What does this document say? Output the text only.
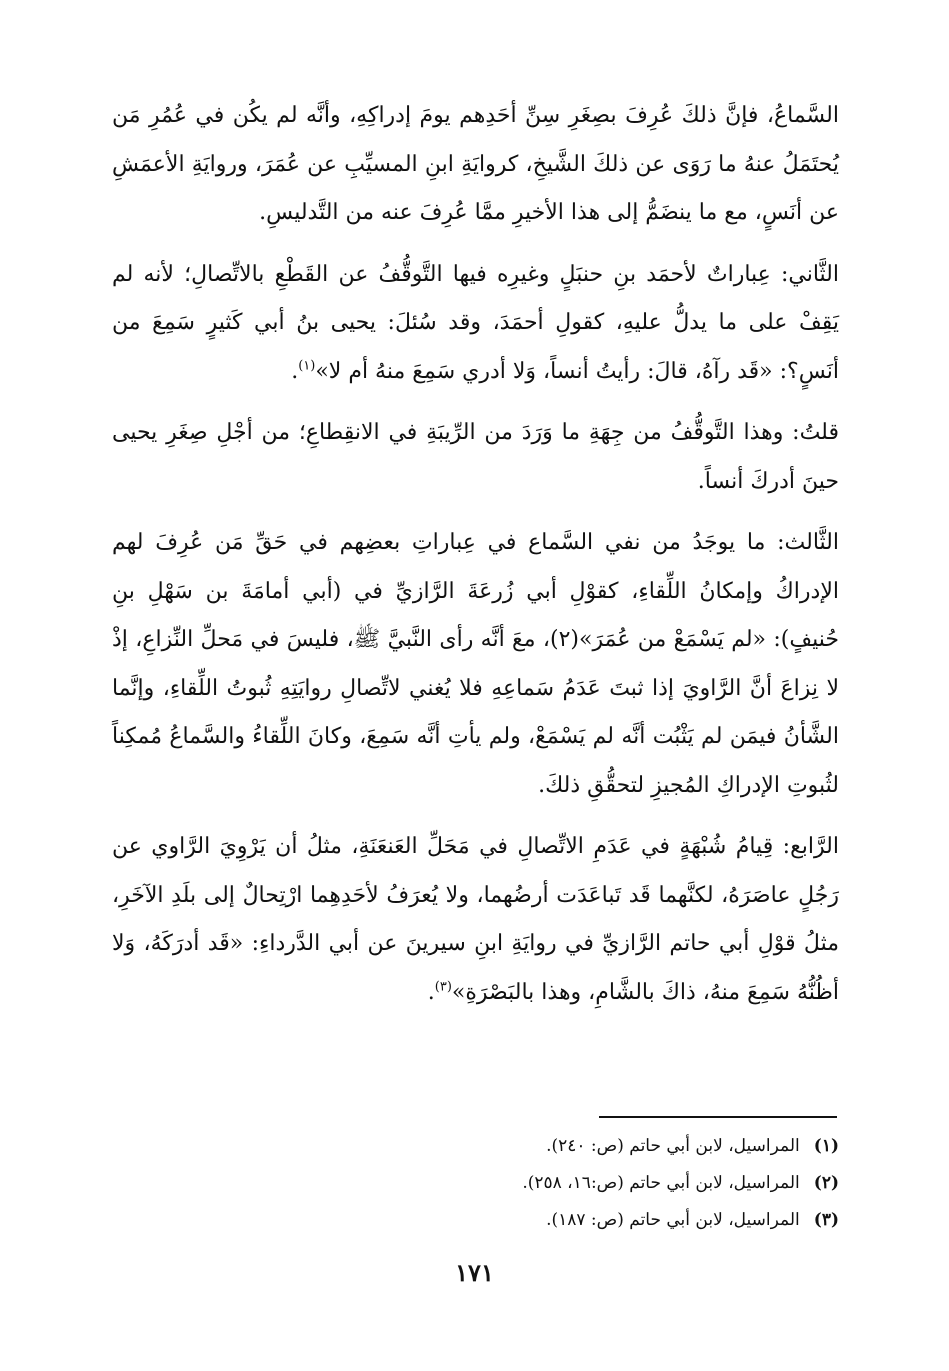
السَّماعُ، فإنَّ ذلكَ عُرِفَ بصِغَرِ سِنِّ أحَدِهم يومَ إدراكِهِ، وأنَّه لم يكُن في عُمُرِ مَن يُحتَمَلُ عنهُ ما رَوَى عن ذلكَ الشَّيخِ، كروايَةِ ابنِ المسيِّبِ عن عُمَرَ، وروايَةِ الأعمَشِ عن أنَسٍ، مع ما ينضَمُّ إلى هذا الأخيرِ ممَّا عُرِفَ عنه من التَّدليسِ.

الثَّاني: عِباراتٌ لأحمَد بنِ حنبَلٍ وغيرِه فيها التَّوقُّفُ عن القَطْعِ بالاتِّصالِ؛ لأنه لم يَقِفْ على ما يدلُّ عليهِ، كقولِ أحمَدَ، وقد سُئلَ: يحيى بنُ أبي كَثيرٍ سَمِعَ من أنَسٍ؟: «قَد رآهُ، قالَ: رأيتُ أنساً، وَلا أدري سَمِعَ منهُ أم لا»$^{(١)}$.

قلتُ: وهذا التَّوقُّفُ من جِهَةِ ما وَرَدَ من الرِّيبَةِ في الانقِطاعِ؛ من أجْلِ صِغَرِ يحيى حينَ أدركَ أنساً.

الثَّالث: ما يوجَدُ من نفي السَّماع في عِباراتِ بعضِهم في حَقِّ مَن عُرِفَ لهم الإدراكُ وإمكانُ اللِّقاءِ، كقوْلِ أبي زُرعَةَ الرَّازيِّ في (أبي أمامَةَ بن سَهْلِ بنِ حُنيفٍ): «لم يَسْمَعْ من عُمَرَ»(٢)، معَ أنَّه رأى النَّبيَّ ﷺ، فليسَ في مَحلِّ النِّزاعِ، إذْ لا نِزاعَ أنَّ الرَّاويَ إذا ثبتَ عَدَمُ سَماعِهِ فلا يُغني لاتِّصالِ روايَتِهِ ثُبوتُ اللِّقاءِ، وإنَّما الشَّأنُ فيمَن لم يَثْبُت أنَّه لم يَسْمَعْ، ولم يأتِ أنَّه سَمِعَ، وكانَ اللِّقاءُ والسَّماعُ مُمكِناً لثُبوتِ الإدراكِ المُجيزِ لتحقُّقِ ذلكَ.

الرَّابع: قِيامُ شُبْهَةٍ في عَدَمِ الاتِّصالِ في مَحَلِّ العَنعَنَةِ، مثلُ أن يَرْوِيَ الرَّاوي عن رَجُلٍ عاصَرَهُ، لكنَّهما قَد تَباعَدَت أرضُهما، ولا يُعرَفُ لأحَدِهِما ارْتِحالٌ إلى بلَدِ الآخَرِ، مثلُ قوْلِ أبي حاتم الرَّازيِّ في روايَةِ ابنِ سيرينَ عن أبي الدَّرداءِ: «قَد أدرَكَهُ، وَلا أظُنُّهُ سَمِعَ منهُ، ذاكَ بالشَّامِ، وهذا بالبَصْرَةِ»$^{(٣)}$.

(١)المراسيل، لابن أبي حاتم (ص: ٢٤٠).

(٢)المراسيل، لابن أبي حاتم (ص:١٦، ٢٥٨).

(٣)المراسيل، لابن أبي حاتم (ص: ١٨٧).

١٧١
